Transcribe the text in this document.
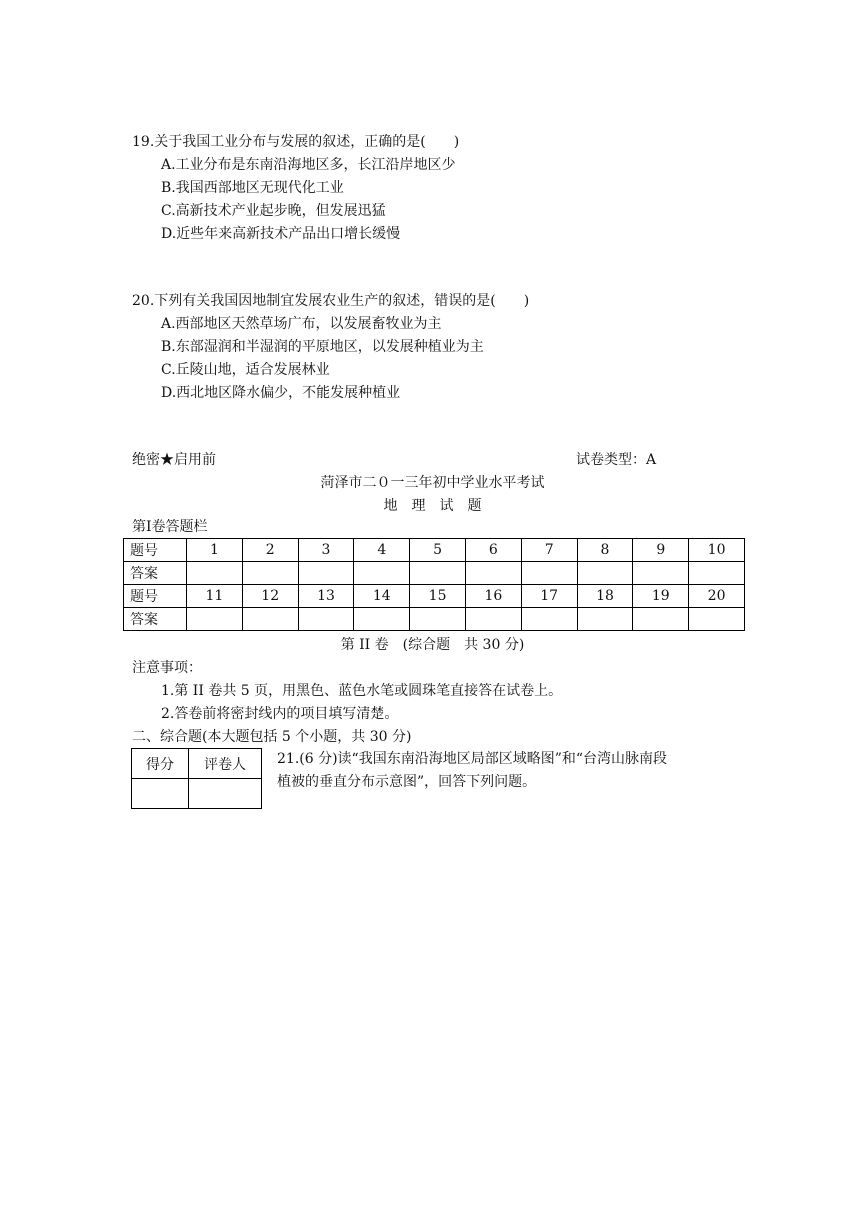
19.关于我国工业分布与发展的叙述，正确的是(　　)
A.工业分布是东南沿海地区多，长江沿岸地区少
B.我国西部地区无现代化工业
C.高新技术产业起步晚，但发展迅猛
D.近些年来高新技术产品出口增长缓慢
20.下列有关我国因地制宜发展农业生产的叙述，错误的是(　　)
A.西部地区天然草场广布，以发展畜牧业为主
B.东部湿润和半湿润的平原地区，以发展种植业为主
C.丘陵山地，适合发展林业
D.西北地区降水偏少，不能发展种植业
绝密★启用前	试卷类型：A
菏泽市二０一三年初中学业水平考试
地　理　试　题
第Ⅰ卷答题栏
题号	1	2	3	4	5	6	7	8	9	10
答案										
题号	11	12	13	14	15	16	17	18	19	20
答案										
第 II 卷　(综合题　共 30 分)
注意事项：
1.第 II 卷共 5 页，用黑色、蓝色水笔或圆珠笔直接答在试卷上。
2.答卷前将密封线内的项目填写清楚。
二、综合题(本大题包括 5 个小题，共 30 分)
得分	评卷人
	21.(6 分)读“我国东南沿海地区局部区域略图”和“台湾山脉南段
植被的垂直分布示意图”，回答下列问题。
